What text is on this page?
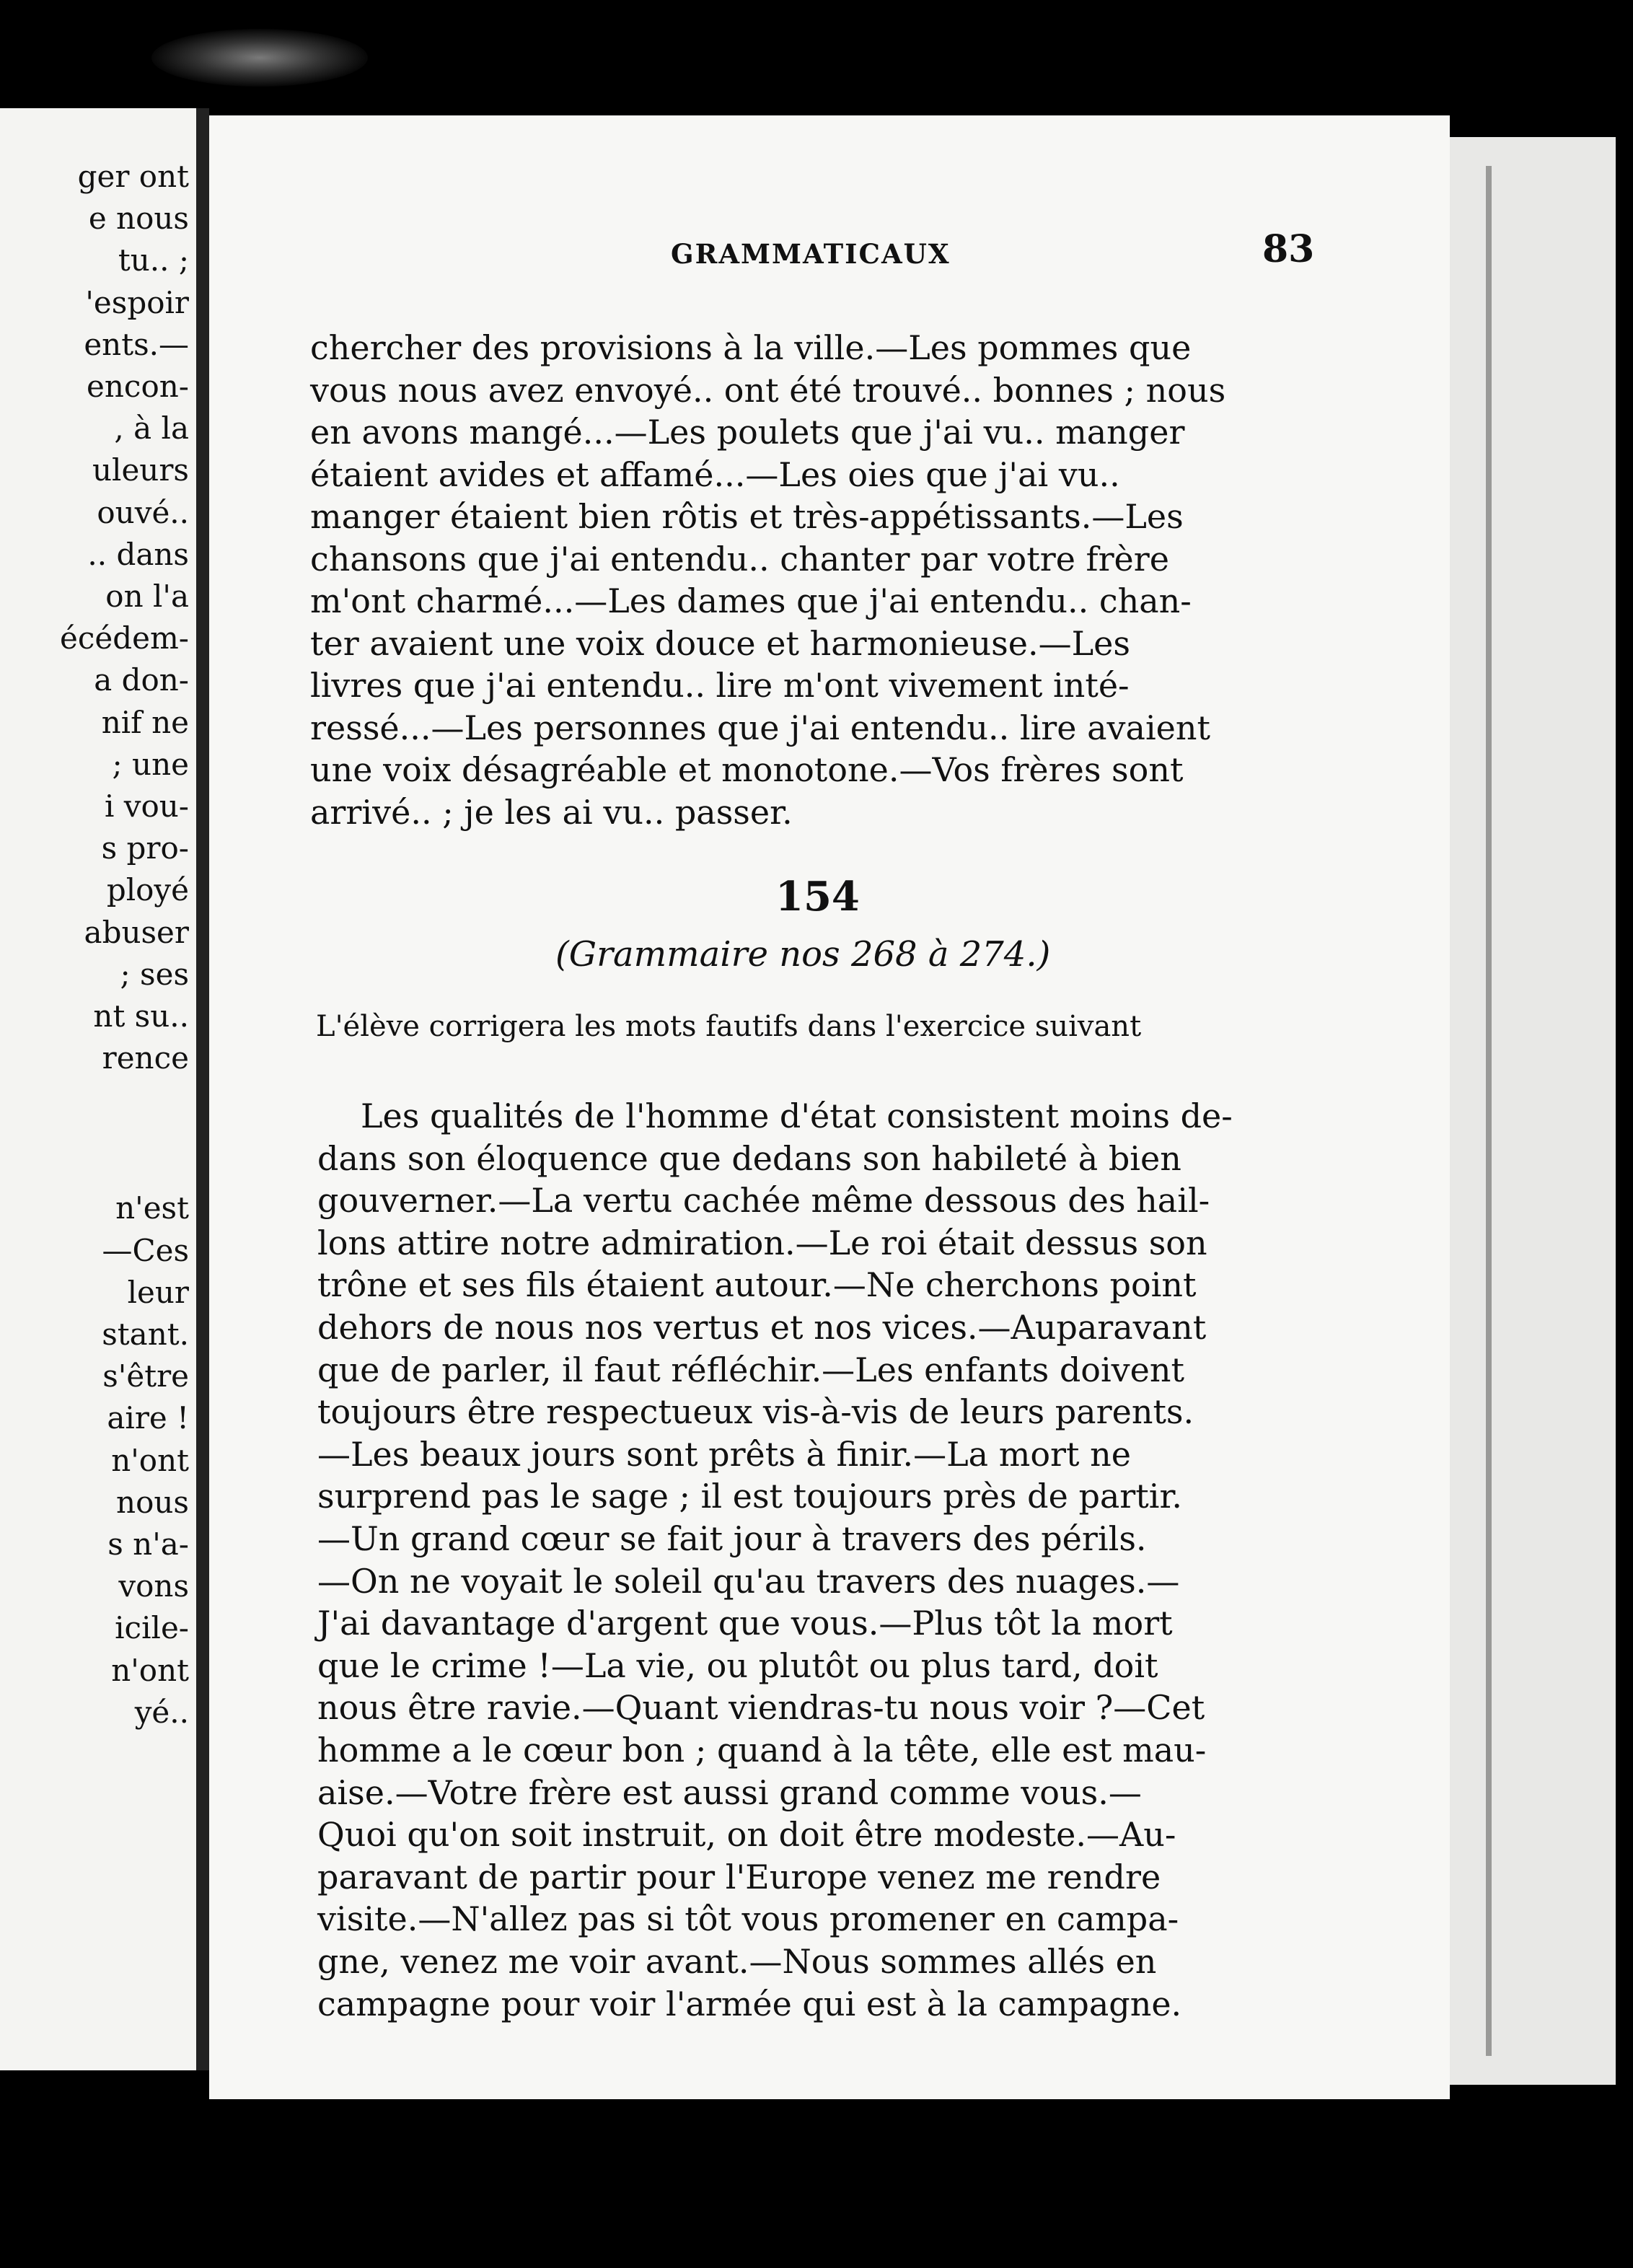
ger ont
e nous
tu.. ;
'espoir
ents.—
encon-
, à la
uleurs
ouvé..
.. dans
on l'a
écédem-
a don-
nif ne
; une
i vou-
s pro-
ployé
abuser
; ses
nt su..
rence
n'est
—Ces
leur
stant.
s'être
aire !
n'ont
nous
s n'a-
vons
icile-
n'ont
yé..
GRAMMATICAUX	83
chercher des provisions à la ville.—Les pommes que
vous nous avez envoyé.. ont été trouvé.. bonnes ; nous
en avons mangé...—Les poulets que j'ai vu.. manger
étaient avides et affamé...—Les oies que j'ai vu..
manger étaient bien rôtis et très-appétissants.—Les
chansons que j'ai entendu.. chanter par votre frère
m'ont charmé...—Les dames que j'ai entendu.. chan-
ter avaient une voix douce et harmonieuse.—Les
livres que j'ai entendu.. lire m'ont vivement inté-
ressé...—Les personnes que j'ai entendu.. lire avaient
une voix désagréable et monotone.—Vos frères sont
arrivé.. ; je les ai vu.. passer.
154
(Grammaire nos 268 à 274.)
L'élève corrigera les mots fautifs dans l'exercice suivant
Les qualités de l'homme d'état consistent moins de-
dans son éloquence que dedans son habileté à bien
gouverner.—La vertu cachée même dessous des hail-
lons attire notre admiration.—Le roi était dessus son
trône et ses fils étaient autour.—Ne cherchons point
dehors de nous nos vertus et nos vices.—Auparavant
que de parler, il faut réfléchir.—Les enfants doivent
toujours être respectueux vis-à-vis de leurs parents.
—Les beaux jours sont prêts à finir.—La mort ne
surprend pas le sage ; il est toujours près de partir.
—Un grand cœur se fait jour à travers des périls.
—On ne voyait le soleil qu'au travers des nuages.—
J'ai davantage d'argent que vous.—Plus tôt la mort
que le crime !—La vie, ou plutôt ou plus tard, doit
nous être ravie.—Quant viendras-tu nous voir ?—Cet
homme a le cœur bon ; quand à la tête, elle est mau-
aise.—Votre frère est aussi grand comme vous.—
Quoi qu'on soit instruit, on doit être modeste.—Au-
paravant de partir pour l'Europe venez me rendre
visite.—N'allez pas si tôt vous promener en campa-
gne, venez me voir avant.—Nous sommes allés en
campagne pour voir l'armée qui est à la campagne.
